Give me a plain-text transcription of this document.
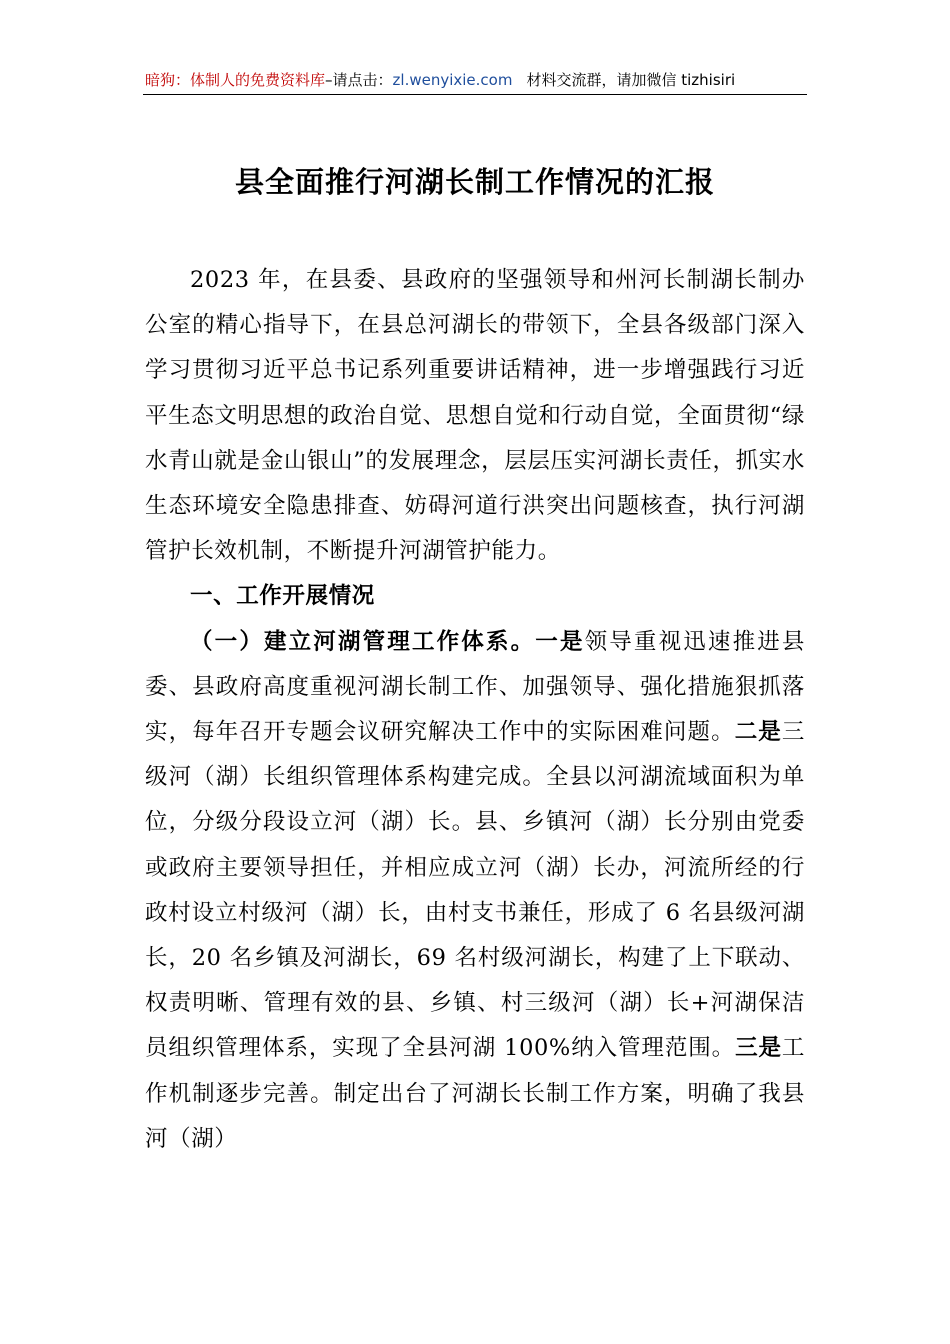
暗狗：体制人的免费资料库–请点击：zl.wenyixie.com 材料交流群，请加微信 tizhisiri
县全面推行河湖长制工作情况的汇报

2023 年，在县委、县政府的坚强领导和州河长制湖长制办公室的精心指导下，在县总河湖长的带领下，全县各级部门深入学习贯彻习近平总书记系列重要讲话精神，进一步增强践行习近平生态文明思想的政治自觉、思想自觉和行动自觉，全面贯彻“绿水青山就是金山银山”的发展理念，层层压实河湖长责任，抓实水生态环境安全隐患排查、妨碍河道行洪突出问题核查，执行河湖管护长效机制，不断提升河湖管护能力。

一、工作开展情况

（一）建立河湖管理工作体系。一是领导重视迅速推进县委、县政府高度重视河湖长制工作、加强领导、强化措施狠抓落实，每年召开专题会议研究解决工作中的实际困难问题。二是三级河（湖）长组织管理体系构建完成。全县以河湖流域面积为单位，分级分段设立河（湖）长。县、乡镇河（湖）长分别由党委或政府主要领导担任，并相应成立河（湖）长办，河流所经的行政村设立村级河（湖）长，由村支书兼任，形成了 6 名县级河湖长，20 名乡镇及河湖长，69 名村级河湖长，构建了上下联动、权责明晰、管理有效的县、乡镇、村三级河（湖）长+河湖保洁员组织管理体系，实现了全县河湖 100%纳入管理范围。三是工作机制逐步完善。制定出台了河湖长长制工作方案，明确了我县河（湖）
